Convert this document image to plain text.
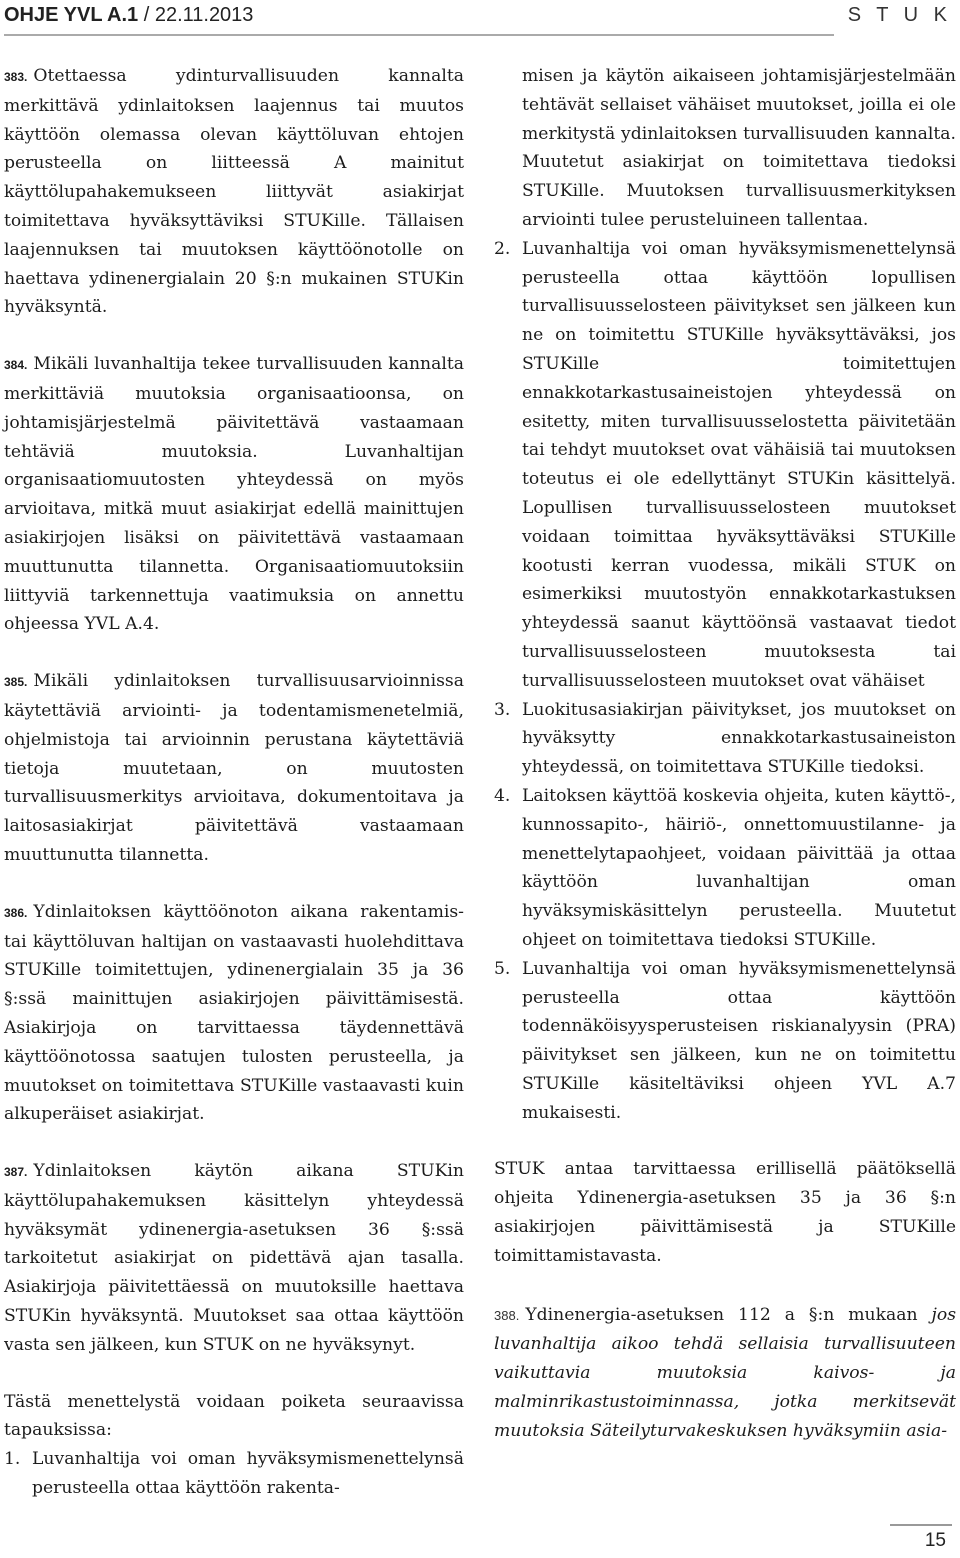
OHJE YVL A.1 / 22.11.2013	S T U K

383. Otettaessa ydinturvallisuuden kannalta merkittävä ydinlaitoksen laajennus tai muutos käyttöön olemassa olevan käyttöluvan ehtojen perusteella on liitteessä A mainitut käyttölupahakemukseen liittyvät asiakirjat toimitettava hyväksyttäviksi STUKille. Tällaisen laajennuksen tai muutoksen käyttöönotolle on haettava ydinenergialain 20 §:n mukainen STUKin hyväksyntä.

384. Mikäli luvanhaltija tekee turvallisuuden kannalta merkittäviä muutoksia organisaatioonsa, on johtamisjärjestelmä päivitettävä vastaamaan tehtäviä muutoksia. Luvanhaltijan organisaatiomuutosten yhteydessä on myös arvioitava, mitkä muut asiakirjat edellä mainittujen asiakirjojen lisäksi on päivitettävä vastaamaan muuttunutta tilannetta. Organisaatiomuutoksiin liittyviä tarkennettuja vaatimuksia on annettu ohjeessa YVL A.4.

385. Mikäli ydinlaitoksen turvallisuusarvioinnissa käytettäviä arviointi- ja todentamismenetelmiä, ohjelmistoja tai arvioinnin perustana käytettäviä tietoja muutetaan, on muutosten turvallisuusmerkitys arvioitava, dokumentoitava ja laitosasiakirjat päivitettävä vastaamaan muuttunutta tilannetta.

386. Ydinlaitoksen käyttöönoton aikana rakentamis- tai käyttöluvan haltijan on vastaavasti huolehdittava STUKille toimitettujen, ydinenergialain 35 ja 36 §:ssä mainittujen asiakirjojen päivittämisestä. Asiakirjoja on tarvittaessa täydennettävä käyttöönotossa saatujen tulosten perusteella, ja muutokset on toimitettava STUKille vastaavasti kuin alkuperäiset asiakirjat.

387. Ydinlaitoksen käytön aikana STUKin käyttölupahakemuksen käsittelyn yhteydessä hyväksymät ydinenergia-asetuksen 36 §:ssä tarkoitetut asiakirjat on pidettävä ajan tasalla. Asiakirjoja päivitettäessä on muutoksille haettava STUKin hyväksyntä. Muutokset saa ottaa käyttöön vasta sen jälkeen, kun STUK on ne hyväksynyt.

Tästä menettelystä voidaan poiketa seuraavissa tapauksissa:

1. Luvanhaltija voi oman hyväksymismenettelynsä perusteella ottaa käyttöön rakenta-
misen ja käytön aikaiseen johtamisjärjestelmään tehtävät sellaiset vähäiset muutokset, joilla ei ole merkitystä ydinlaitoksen turvallisuuden kannalta. Muutetut asiakirjat on toimitettava tiedoksi STUKille. Muutoksen turvallisuusmerkityksen arviointi tulee perusteluineen tallentaa.
2. Luvanhaltija voi oman hyväksymismenettelynsä perusteella ottaa käyttöön lopullisen turvallisuusselosteen päivitykset sen jälkeen kun ne on toimitettu STUKille hyväksyttäväksi, jos STUKille toimitettujen ennakkotarkastusaineistojen yhteydessä on esitetty, miten turvallisuusselostetta päivitetään tai tehdyt muutokset ovat vähäisiä tai muutoksen toteutus ei ole edellyttänyt STUKin käsittelyä. Lopullisen turvallisuusselosteen muutokset voidaan toimittaa hyväksyttäväksi STUKille kootusti kerran vuodessa, mikäli STUK on esimerkiksi muutostyön ennakkotarkastuksen yhteydessä saanut käyttöönsä vastaavat tiedot turvallisuusselosteen muutoksesta tai turvallisuusselosteen muutokset ovat vähäiset
3. Luokitusasiakirjan päivitykset, jos muutokset on hyväksytty ennakkotarkastusaineiston yhteydessä, on toimitettava STUKille tiedoksi.
4. Laitoksen käyttöä koskevia ohjeita, kuten käyttö-, kunnossapito-, häiriö-, onnettomuustilanne- ja menettelytapaohjeet, voidaan päivittää ja ottaa käyttöön luvanhaltijan oman hyväksymiskäsittelyn perusteella. Muutetut ohjeet on toimitettava tiedoksi STUKille.
5. Luvanhaltija voi oman hyväksymismenettelynsä perusteella ottaa käyttöön todennäköisyysperusteisen riskianalyysin (PRA) päivitykset sen jälkeen, kun ne on toimitettu STUKille käsiteltäviksi ohjeen YVL A.7 mukaisesti.

STUK antaa tarvittaessa erillisellä päätöksellä ohjeita Ydinenergia-asetuksen 35 ja 36 §:n asiakirjojen päivittämisestä ja STUKille toimittamistavasta.

388. Ydinenergia-asetuksen 112 a §:n mukaan jos luvanhaltija aikoo tehdä sellaisia turvallisuuteen vaikuttavia muutoksia kaivos- ja malminrikastustoiminnassa, jotka merkitsevät muutoksia Säteilyturvakeskuksen hyväksymiin asia-

15
